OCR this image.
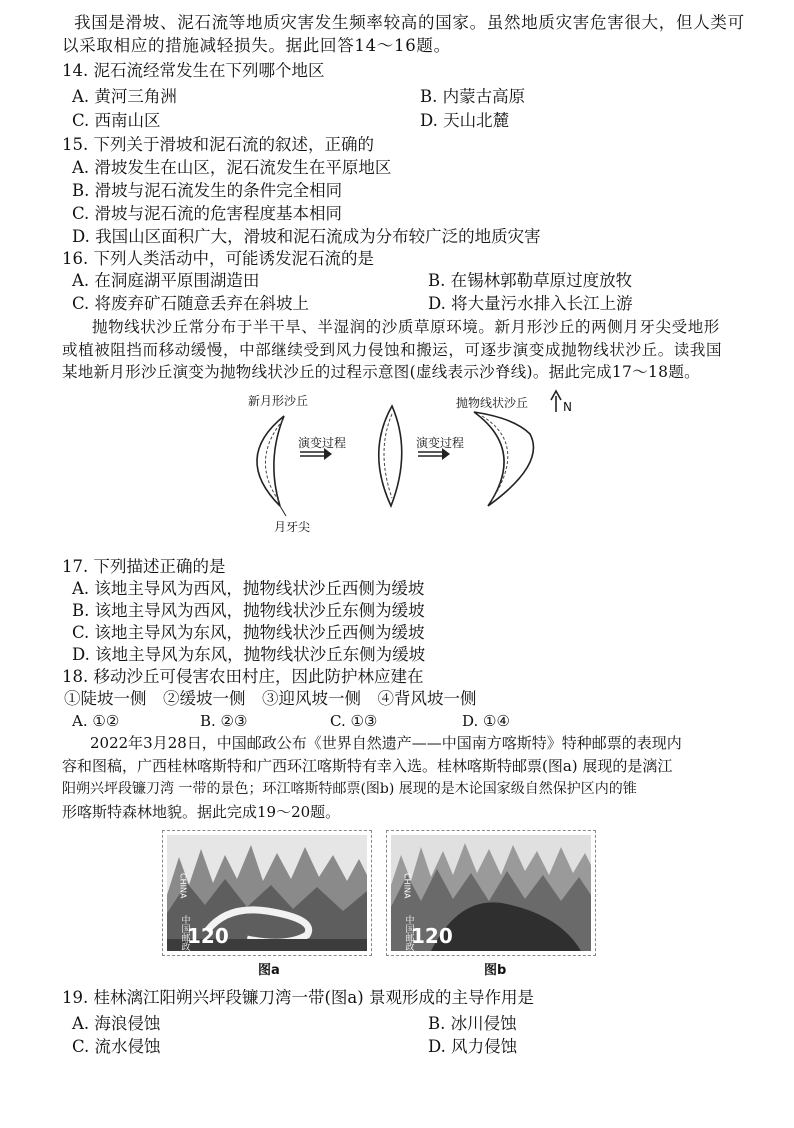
我国是滑坡、泥石流等地质灾害发生频率较高的国家。虽然地质灾害危害很大，但人类可
以采取相应的措施减轻损失。据此回答14～16题。
14. 泥石流经常发生在下列哪个地区
A. 黄河三角洲	B. 内蒙古高原
C. 西南山区	D. 天山北麓
15. 下列关于滑坡和泥石流的叙述，正确的
A. 滑坡发生在山区，泥石流发生在平原地区
B. 滑坡与泥石流发生的条件完全相同
C. 滑坡与泥石流的危害程度基本相同
D. 我国山区面积广大，滑坡和泥石流成为分布较广泛的地质灾害
16. 下列人类活动中，可能诱发泥石流的是
A. 在洞庭湖平原围湖造田	B. 在锡林郭勒草原过度放牧
C. 将废弃矿石随意丢弃在斜坡上	D. 将大量污水排入长江上游
抛物线状沙丘常分布于半干旱、半湿润的沙质草原环境。新月形沙丘的两侧月牙尖受地形
或植被阻挡而移动缓慢，中部继续受到风力侵蚀和搬运，可逐步演变成抛物线状沙丘。读我国
某地新月形沙丘演变为抛物线状沙丘的过程示意图(虚线表示沙脊线)。据此完成17～18题。
新月形沙丘	抛物线状沙丘	N
演变过程	演变过程
月牙尖
17. 下列描述正确的是
A. 该地主导风为西风，抛物线状沙丘西侧为缓坡
B. 该地主导风为西风，抛物线状沙丘东侧为缓坡
C. 该地主导风为东风，抛物线状沙丘西侧为缓坡
D. 该地主导风为东风，抛物线状沙丘东侧为缓坡
18. 移动沙丘可侵害农田村庄，因此防护林应建在
①陡坡一侧　②缓坡一侧　③迎风坡一侧　④背风坡一侧
A. ①②	B. ②③	C. ①③	D. ①④
2022年3月28日，中国邮政公布《世界自然遗产——中国南方喀斯特》特种邮票的表现内
容和图稿，广西桂林喀斯特和广西环江喀斯特有幸入选。桂林喀斯特邮票(图a) 展现的是漓江
阳朔兴坪段镰刀湾 一带的景色；环江喀斯特邮票(图b) 展现的是木论国家级自然保护区内的锥
形喀斯特森林地貌。据此完成19～20题。
CHINA
中国邮政
120
图a
CHINA
中国邮政
120
图b
19. 桂林漓江阳朔兴坪段镰刀湾一带(图a) 景观形成的主导作用是
A. 海浪侵蚀	B. 冰川侵蚀
C. 流水侵蚀	D. 风力侵蚀
